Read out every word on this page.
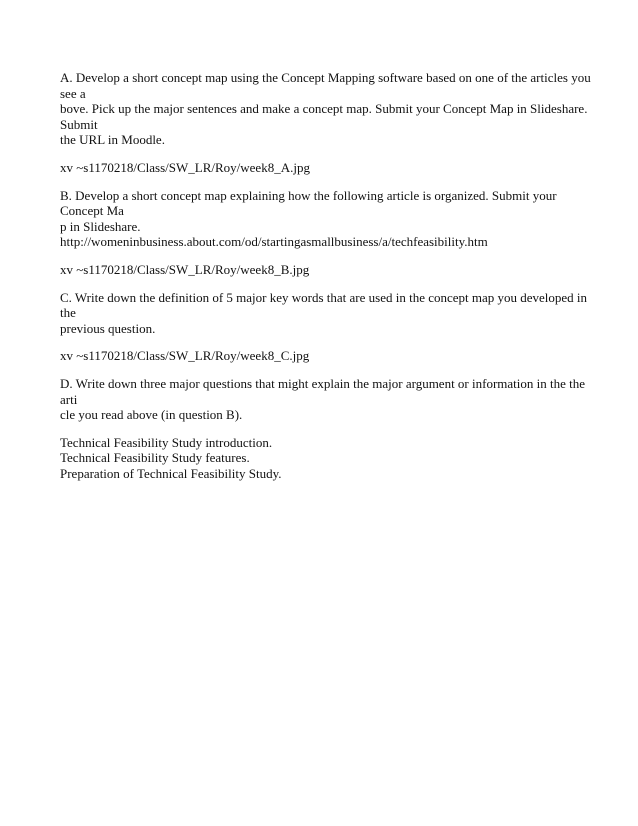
A. Develop a short concept map using the Concept Mapping software based on one of the articles you
see a
bove. Pick up the major sentences and make a concept map. Submit your Concept Map in Slideshare.
Submit
the URL in Moodle.

xv ~s1170218/Class/SW_LR/Roy/week8_A.jpg

B. Develop a short concept map explaining how the following article is organized. Submit your
Concept Ma
p in Slideshare.
http://womeninbusiness.about.com/od/startingasmallbusiness/a/techfeasibility.htm

xv ~s1170218/Class/SW_LR/Roy/week8_B.jpg

C. Write down the definition of 5 major key words that are used in the concept map you developed in
the
previous question.

xv ~s1170218/Class/SW_LR/Roy/week8_C.jpg

D. Write down three major questions that might explain the major argument or information in the the
arti
cle you read above (in question B).

Technical Feasibility Study introduction.
Technical Feasibility Study features.
Preparation of Technical Feasibility Study.
